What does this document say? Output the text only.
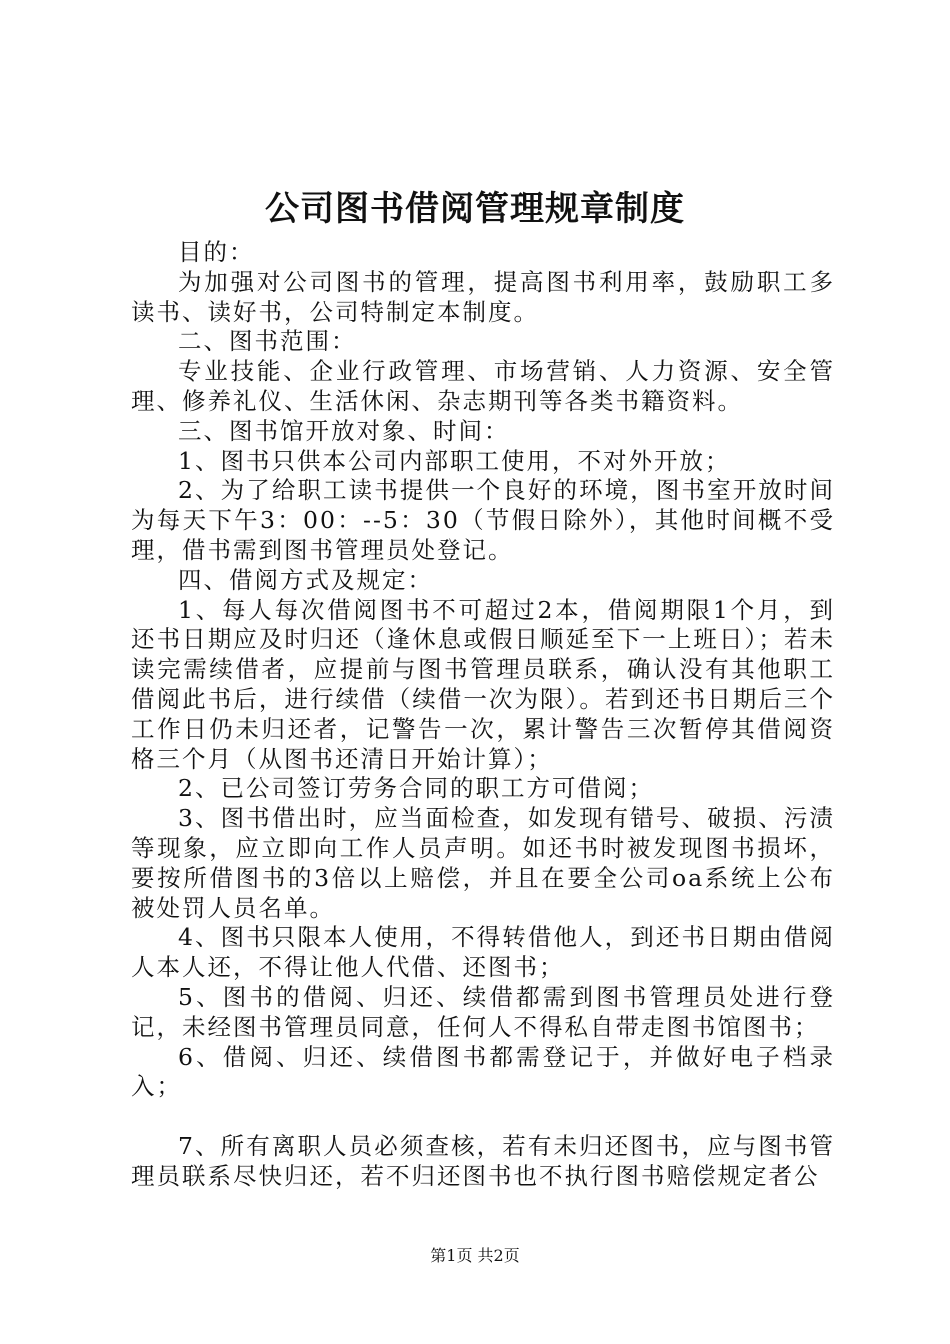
公司图书借阅管理规章制度

目的：

为加强对公司图书的管理，提高图书利用率，鼓励职工多读书、读好书，公司特制定本制度。

二、图书范围：

专业技能、企业行政管理、市场营销、人力资源、安全管理、修养礼仪、生活休闲、杂志期刊等各类书籍资料。

三、图书馆开放对象、时间：

1、图书只供本公司内部职工使用，不对外开放；

2、为了给职工读书提供一个良好的环境，图书室开放时间为每天下午3：00：--5：30（节假日除外），其他时间概不受理，借书需到图书管理员处登记。

四、借阅方式及规定：

1、每人每次借阅图书不可超过2本，借阅期限1个月，到还书日期应及时归还（逢休息或假日顺延至下一上班日）；若未读完需续借者，应提前与图书管理员联系，确认没有其他职工借阅此书后，进行续借（续借一次为限）。若到还书日期后三个工作日仍未归还者，记警告一次，累计警告三次暂停其借阅资格三个月（从图书还清日开始计算）；

2、已公司签订劳务合同的职工方可借阅；

3、图书借出时，应当面检查，如发现有错号、破损、污渍等现象，应立即向工作人员声明。如还书时被发现图书损坏，要按所借图书的3倍以上赔偿，并且在要全公司oa系统上公布被处罚人员名单。

4、图书只限本人使用，不得转借他人，到还书日期由借阅人本人还，不得让他人代借、还图书；

5、图书的借阅、归还、续借都需到图书管理员处进行登记，未经图书管理员同意，任何人不得私自带走图书馆图书；

6、借阅、归还、续借图书都需登记于，并做好电子档录入；

7、所有离职人员必须查核，若有未归还图书，应与图书管理员联系尽快归还，若不归还图书也不执行图书赔偿规定者公

第1页 共2页
